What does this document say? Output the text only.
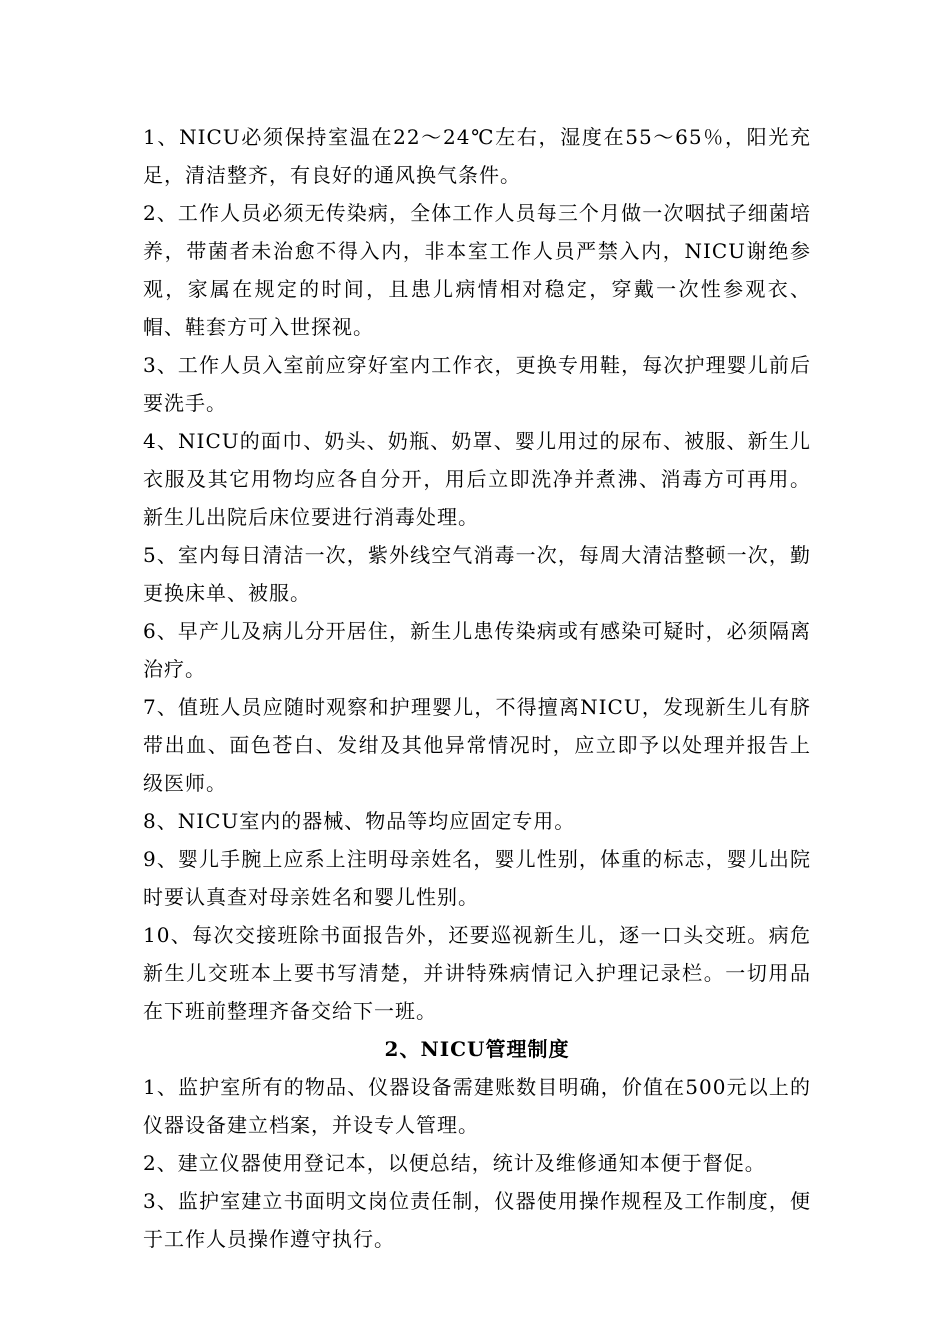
1、NICU必须保持室温在22～24℃左右，湿度在55～65％，阳光充足，清洁整齐，有良好的通风换气条件。

2、工作人员必须无传染病，全体工作人员每三个月做一次咽拭子细菌培养，带菌者未治愈不得入内，非本室工作人员严禁入内，NICU谢绝参观，家属在规定的时间，且患儿病情相对稳定，穿戴一次性参观衣、帽、鞋套方可入世探视。

3、工作人员入室前应穿好室内工作衣，更换专用鞋，每次护理婴儿前后要洗手。

4、NICU的面巾、奶头、奶瓶、奶罩、婴儿用过的尿布、被服、新生儿衣服及其它用物均应各自分开，用后立即洗净并煮沸、消毒方可再用。新生儿出院后床位要进行消毒处理。

5、室内每日清洁一次，紫外线空气消毒一次，每周大清洁整顿一次，勤更换床单、被服。

6、早产儿及病儿分开居住，新生儿患传染病或有感染可疑时，必须隔离治疗。

7、值班人员应随时观察和护理婴儿，不得擅离NICU，发现新生儿有脐带出血、面色苍白、发绀及其他异常情况时，应立即予以处理并报告上级医师。

8、NICU室内的器械、物品等均应固定专用。

9、婴儿手腕上应系上注明母亲姓名，婴儿性别，体重的标志，婴儿出院时要认真查对母亲姓名和婴儿性别。

10、每次交接班除书面报告外，还要巡视新生儿，逐一口头交班。病危新生儿交班本上要书写清楚，并讲特殊病情记入护理记录栏。一切用品在下班前整理齐备交给下一班。

2、NICU管理制度

1、监护室所有的物品、仪器设备需建账数目明确，价值在500元以上的仪器设备建立档案，并设专人管理。

2、建立仪器使用登记本，以便总结，统计及维修通知本便于督促。

3、监护室建立书面明文岗位责任制，仪器使用操作规程及工作制度，便于工作人员操作遵守执行。
